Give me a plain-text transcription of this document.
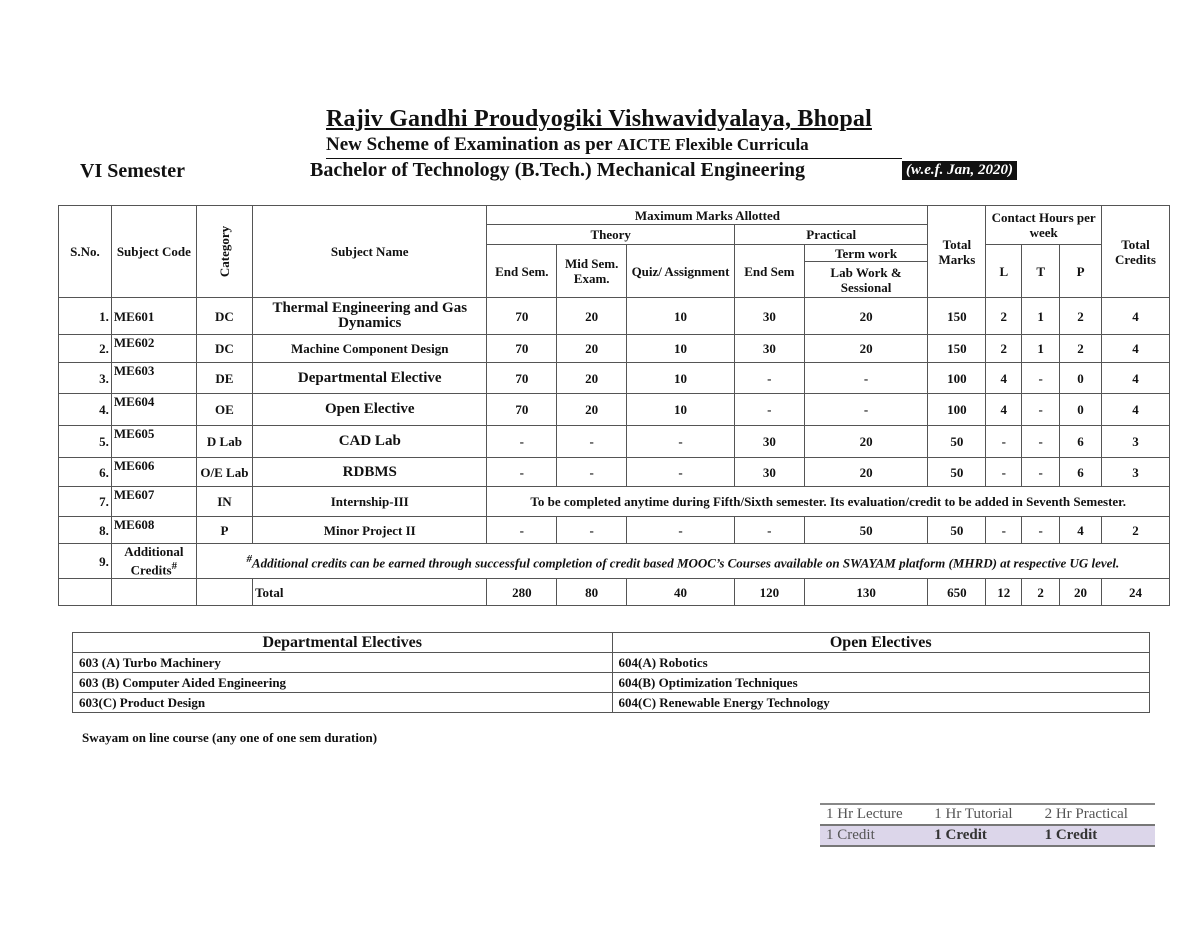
Rajiv Gandhi Proudyogiki Vishwavidyalaya, Bhopal
New Scheme of Examination as per AICTE Flexible Curricula
VI Semester	Bachelor of Technology (B.Tech.) Mechanical Engineering	(w.e.f. Jan, 2020)
S.No.	Subject Code	Category	Subject Name	Maximum Marks Allotted					Total Marks	Contact Hours per week			Total Credits
				Theory			Practical						
				End Sem.	Mid Sem. Exam.	Quiz/ Assignment	End Sem	Term work		L	T	P	
								Lab Work & Sessional					
1.	ME601	DC	Thermal Engineering and Gas Dynamics	70	20	10	30	20	150	2	1	2	4
2.	ME602	DC	Machine Component Design	70	20	10	30	20	150	2	1	2	4
3.	ME603	DE	Departmental Elective	70	20	10	-	-	100	4	-	0	4
4.	ME604	OE	Open Elective	70	20	10	-	-	100	4	-	0	4
5.	ME605	D Lab	CAD Lab	-	-	-	30	20	50	-	-	6	3
6.	ME606	O/E Lab	RDBMS	-	-	-	30	20	50	-	-	6	3
7.	ME607	IN	Internship-III	To be completed anytime during Fifth/Sixth semester. Its evaluation/credit to be added in Seventh Semester.									
8.	ME608	P	Minor Project II	-	-	-	-	50	50	-	-	4	2
9.	Additional Credits#	#Additional credits can be earned through successful completion of credit based MOOC’s Courses available on SWAYAM platform (MHRD) at respective UG level.											
			Total	280	80	40	120	130	650	12	2	20	24
Departmental Electives	Open Electives
603 (A) Turbo Machinery	604(A) Robotics
603 (B) Computer Aided Engineering	604(B) Optimization Techniques
603(C) Product Design	604(C) Renewable Energy Technology
Swayam on line course (any one of one sem duration)
1 Hr Lecture	1 Hr Tutorial	2 Hr Practical
1 Credit	1 Credit	1 Credit
